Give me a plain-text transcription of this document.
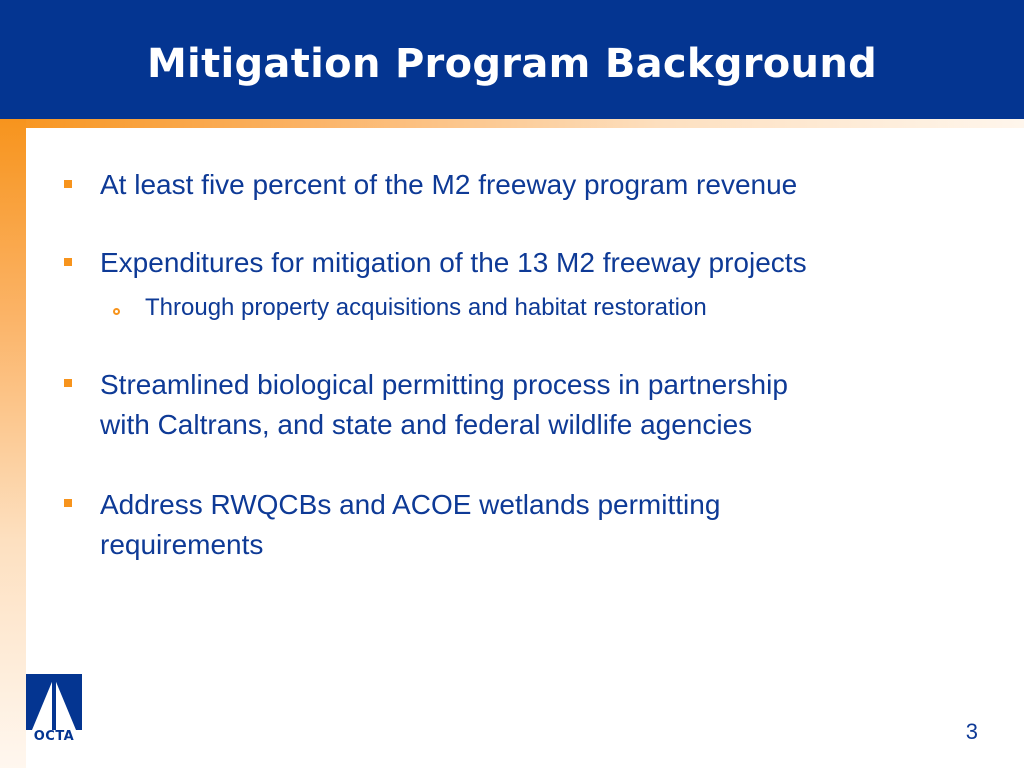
Mitigation Program Background

At least five percent of the M2 freeway program revenue

Expenditures for mitigation of the 13 M2 freeway projects

Through property acquisitions and habitat restoration

Streamlined biological permitting process in partnership

with Caltrans, and state and federal wildlife agencies

Address RWQCBs and ACOE wetlands permitting

requirements

OCTA	3
